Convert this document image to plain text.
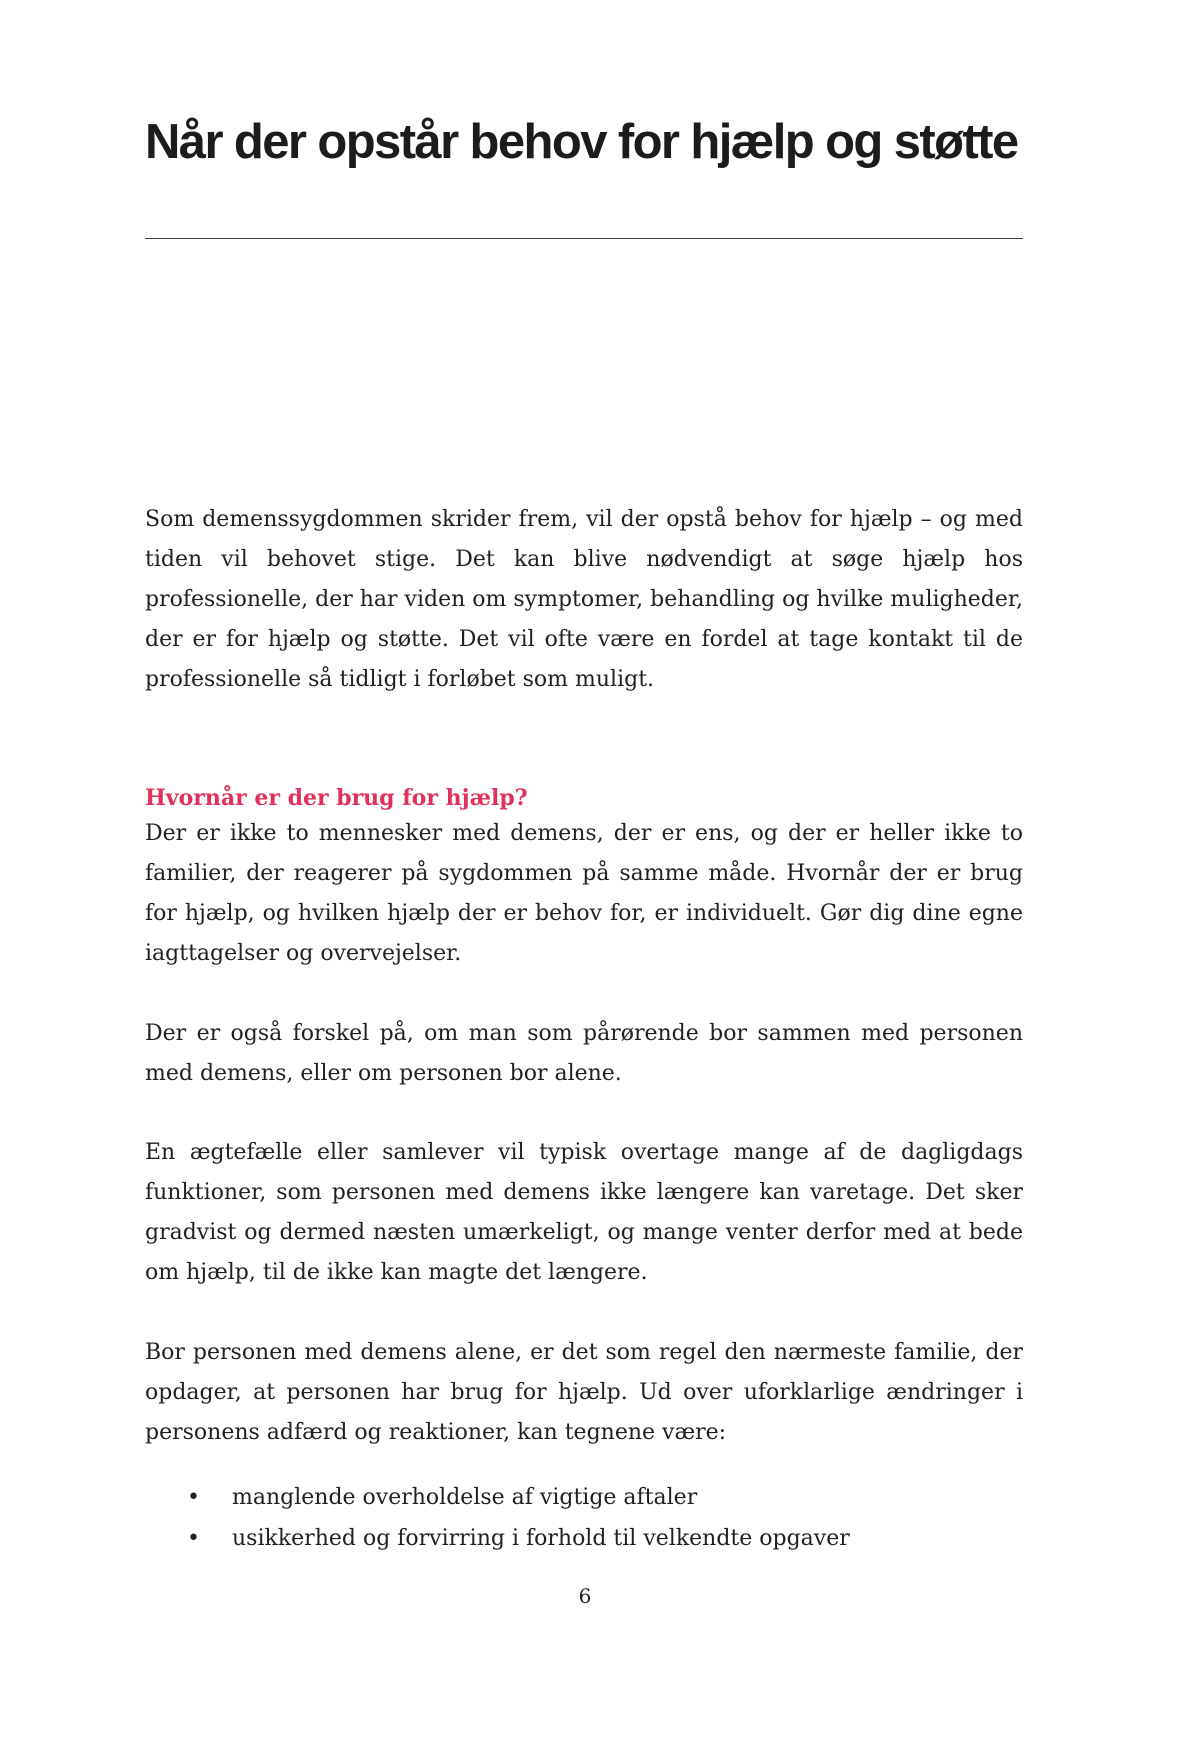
Når der opstår behov for hjælp og støtte

Som demenssygdommen skrider frem, vil der opstå behov for hjælp – og med tiden vil behovet stige. Det kan blive nødvendigt at søge hjælp hos professionelle, der har viden om symptomer, behandling og hvilke muligheder, der er for hjælp og støtte. Det vil ofte være en fordel at tage kontakt til de professionelle så tidligt i forløbet som muligt.

Hvornår er der brug for hjælp?

Der er ikke to mennesker med demens, der er ens, og der er heller ikke to familier, der reagerer på sygdommen på samme måde. Hvornår der er brug for hjælp, og hvilken hjælp der er behov for, er individuelt. Gør dig dine egne iagttagelser og overvejelser.

Der er også forskel på, om man som pårørende bor sammen med personen med demens, eller om personen bor alene.

En ægtefælle eller samlever vil typisk overtage mange af de dagligdags funktioner, som personen med demens ikke længere kan varetage. Det sker gradvist og dermed næsten umærkeligt, og mange venter derfor med at bede om hjælp, til de ikke kan magte det længere.

Bor personen med demens alene, er det som regel den nærmeste familie, der opdager, at personen har brug for hjælp. Ud over uforklarlige ændringer i personens adfærd og reaktioner, kan tegnene være:

• manglende overholdelse af vigtige aftaler
• usikkerhed og forvirring i forhold til velkendte opgaver
6
